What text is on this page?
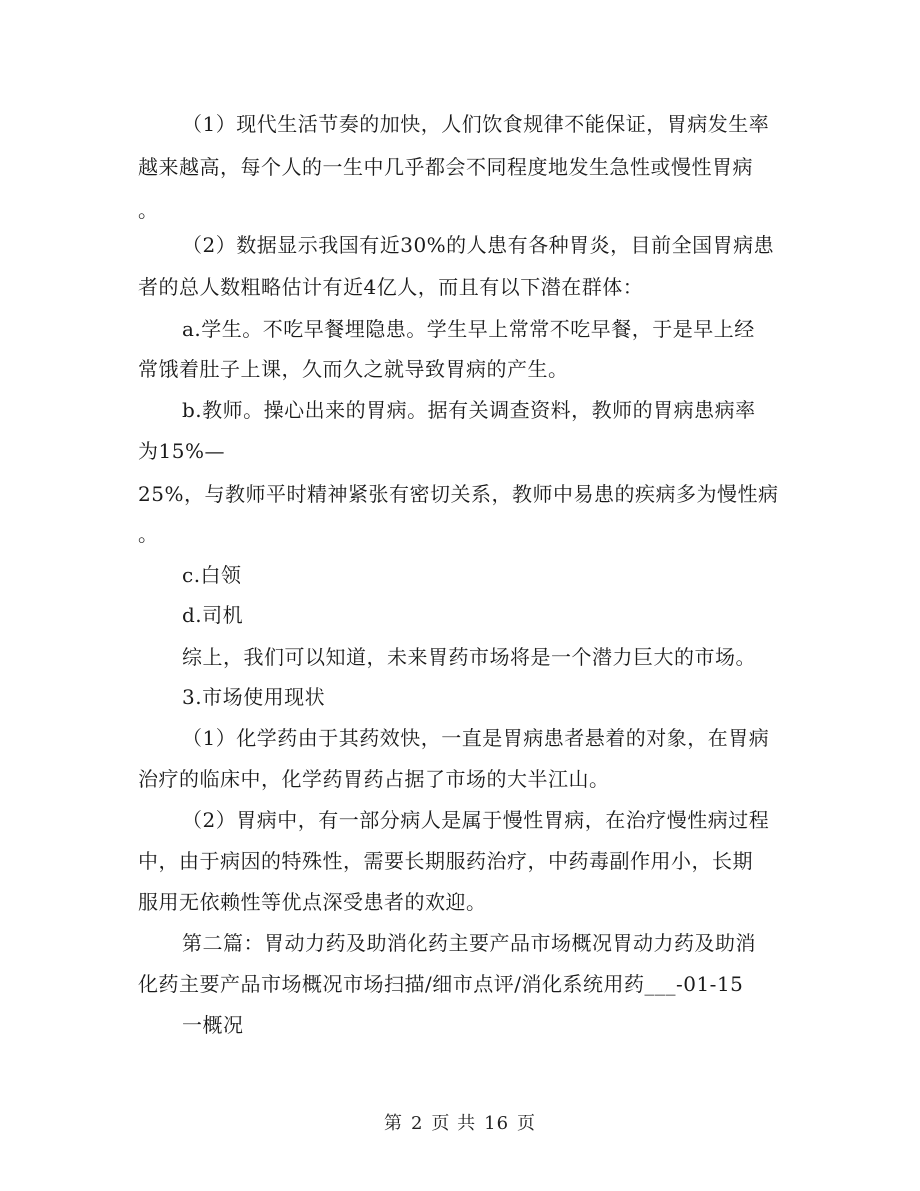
（1）现代生活节奏的加快，人们饮食规律不能保证，胃病发生率
越来越高，每个人的一生中几乎都会不同程度地发生急性或慢性胃病
。
（2）数据显示我国有近30%的人患有各种胃炎，目前全国胃病患
者的总人数粗略估计有近4亿人，而且有以下潜在群体：
a.学生。不吃早餐埋隐患。学生早上常常不吃早餐，于是早上经
常饿着肚子上课，久而久之就导致胃病的产生。
b.教师。操心出来的胃病。据有关调查资料，教师的胃病患病率
为15%—
25%，与教师平时精神紧张有密切关系，教师中易患的疾病多为慢性病
。
c.白领
d.司机
综上，我们可以知道，未来胃药市场将是一个潜力巨大的市场。
3.市场使用现状
（1）化学药由于其药效快，一直是胃病患者悬着的对象，在胃病
治疗的临床中，化学药胃药占据了市场的大半江山。
（2）胃病中，有一部分病人是属于慢性胃病，在治疗慢性病过程
中，由于病因的特殊性，需要长期服药治疗，中药毒副作用小，长期
服用无依赖性等优点深受患者的欢迎。
第二篇：胃动力药及助消化药主要产品市场概况胃动力药及助消
化药主要产品市场概况市场扫描/细市点评/消化系统用药___-01-15
一概况
第 2 页 共 16 页
